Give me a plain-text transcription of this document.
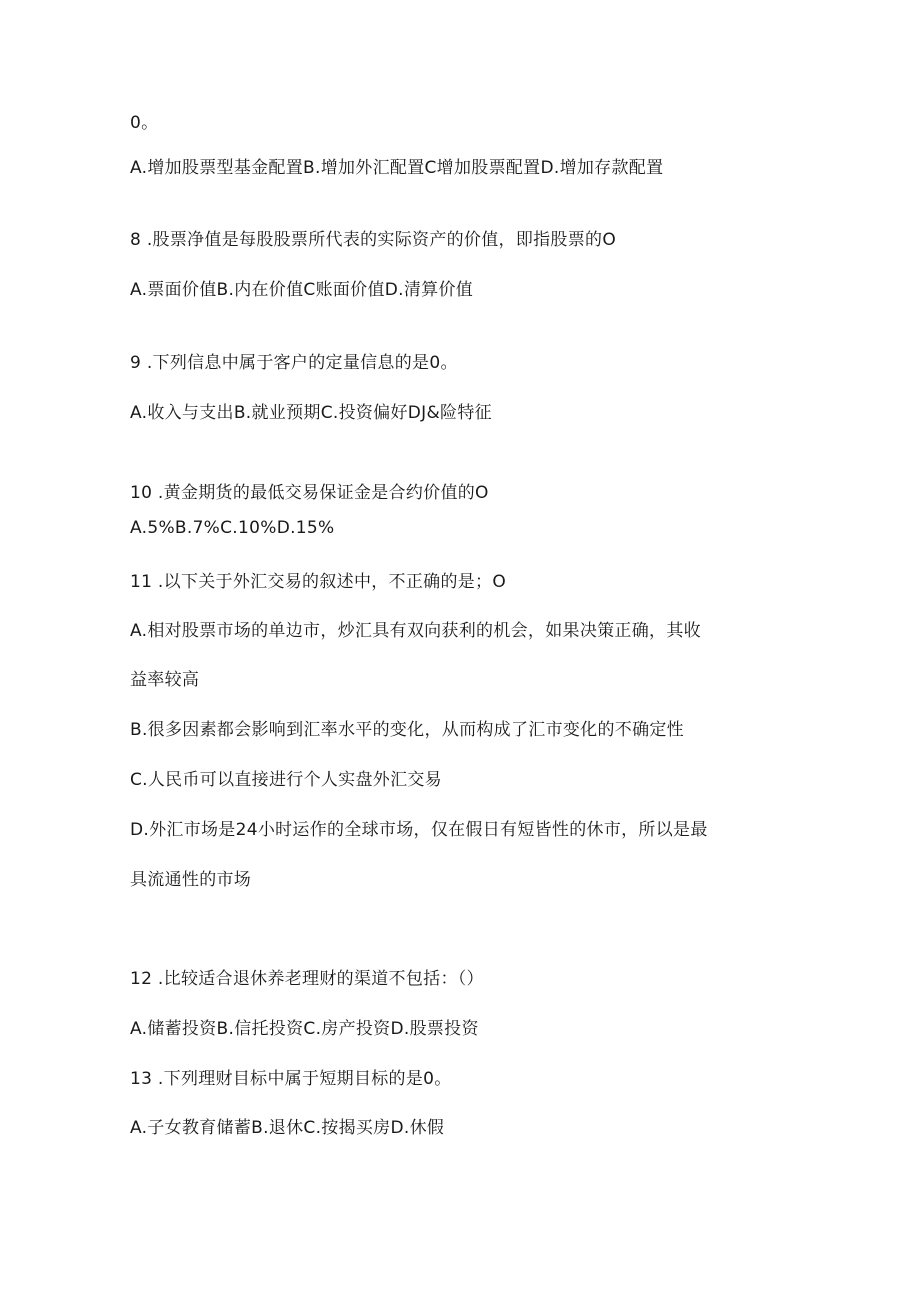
0。
A.增加股票型基金配置B.增加外汇配置C增加股票配置D.增加存款配置
8 .股票净值是每股股票所代表的实际资产的价值，即指股票的O
A.票面价值B.内在价值C账面价值D.清算价值
9 .下列信息中属于客户的定量信息的是0。
A.收入与支出B.就业预期C.投资偏好DJ&险特征
10 .黄金期货的最低交易保证金是合约价值的O
A.5%B.7%C.10%D.15%
11 .以下关于外汇交易的叙述中，不正确的是；O
A.相对股票市场的单边市，炒汇具有双向获利的机会，如果决策正确，其收
益率较高
B.很多因素都会影响到汇率水平的变化，从而构成了汇市变化的不确定性
C.人民币可以直接进行个人实盘外汇交易
D.外汇市场是24小时运作的全球市场，仅在假日有短皆性的休市，所以是最
具流通性的市场
12 .比较适合退休养老理财的渠道不包括：（）
A.储蓄投资B.信托投资C.房产投资D.股票投资
13 .下列理财目标中属于短期目标的是0。
A.子女教育储蓄B.退休C.按揭买房D.休假
